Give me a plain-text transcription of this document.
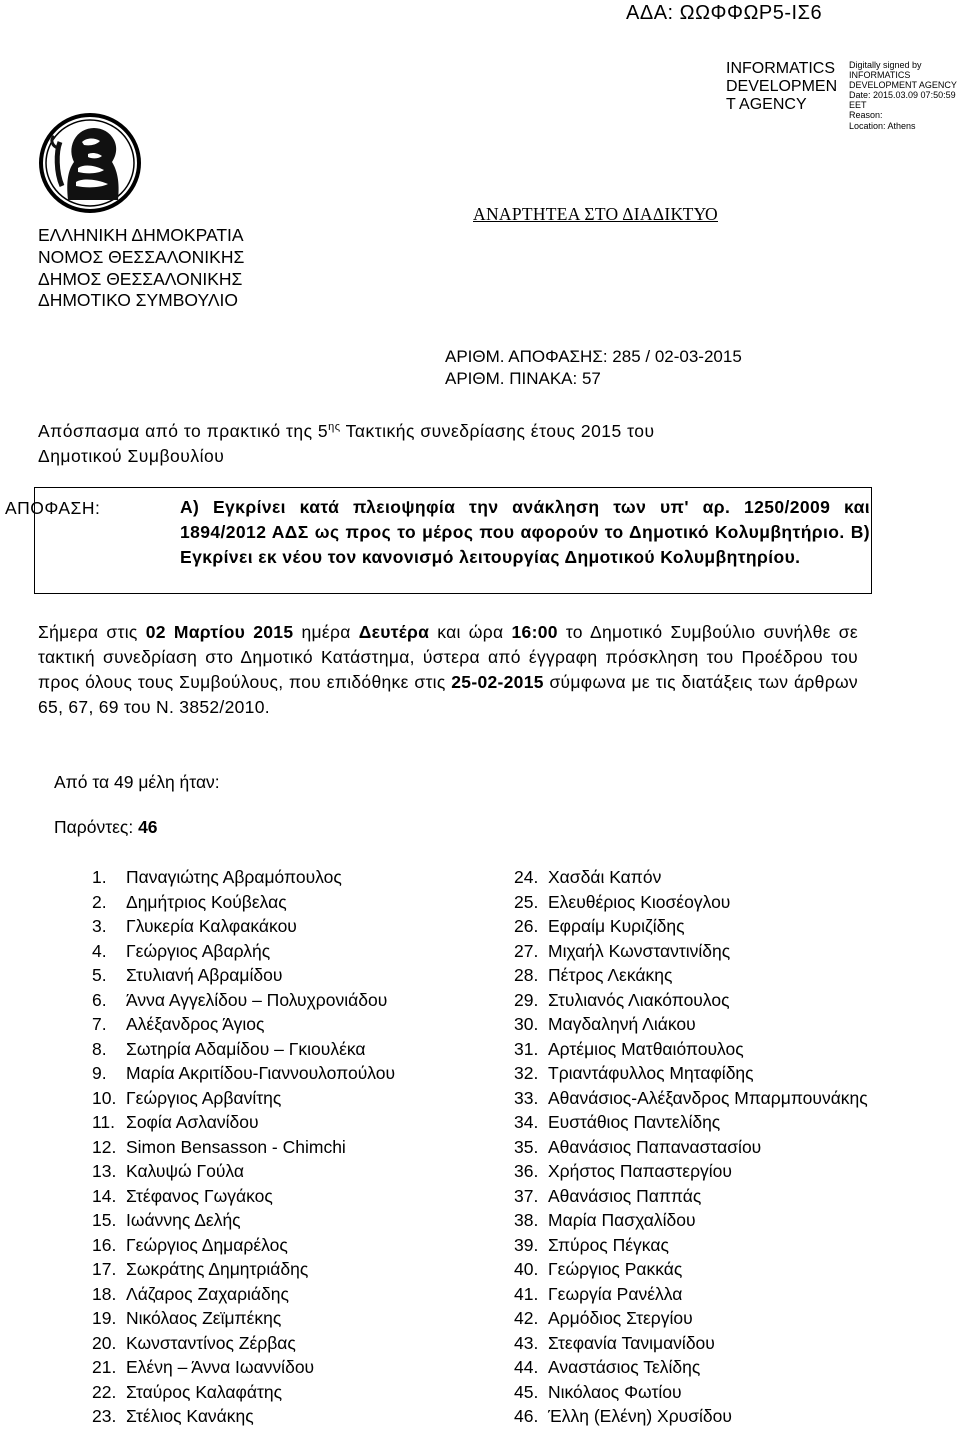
ΑΔΑ: ΩΩΦΦΩΡ5-ΙΣ6
INFORMATICS
DEVELOPMEN
T AGENCY
Digitally signed by
INFORMATICS
DEVELOPMENT AGENCY
Date: 2015.03.09 07:50:59
EET
Reason:
Location: Athens
ΕΛΛΗΝΙΚΗ ΔΗΜΟΚΡΑΤΙΑ
ΝΟΜΟΣ ΘΕΣΣΑΛΟΝΙΚΗΣ
ΔΗΜΟΣ ΘΕΣΣΑΛΟΝΙΚΗΣ
ΔΗΜΟΤΙΚΟ ΣΥΜΒΟΥΛΙΟ
ΑΝΑΡΤΗΤΕΑ ΣΤΟ ΔΙΑΔΙΚΤΥΟ
ΑΡΙΘΜ. ΑΠΟΦΑΣΗΣ: 285 / 02-03-2015
ΑΡΙΘΜ. ΠΙΝΑΚΑ: 57
Απόσπασμα από το πρακτικό της $5^{\eta\varsigma}$ Τακτικής συνεδρίασης έτους 2015 του
Δημοτικού Συμβουλίου
ΑΠΟΦΑΣΗ:	Α) Εγκρίνει κατά πλειοψηφία την ανάκληση των υπ' αρ. 1250/2009 και 1894/2012 ΑΔΣ ως προς το μέρος που αφορούν το Δημοτικό Κολυμβητήριο. Β) Εγκρίνει εκ νέου τον κανονισμό λειτουργίας Δημοτικού Κολυμβητηρίου.
Σήμερα στις 02 Μαρτίου 2015 ημέρα Δευτέρα και ώρα 16:00 το Δημοτικό Συμβούλιο συνήλθε σε τακτική συνεδρίαση στο Δημοτικό Κατάστημα, ύστερα από έγγραφη πρόσκληση του Προέδρου του προς όλους τους Συμβούλους, που επιδόθηκε στις 25-02-2015 σύμφωνα με τις διατάξεις των άρθρων 65, 67, 69 του Ν. 3852/2010.
Από τα 49 μέλη ήταν:
Παρόντες: 46
1. Παναγιώτης Αβραμόπουλος
2. Δημήτριος Κούβελας
3. Γλυκερία Καλφακάκου
4. Γεώργιος Αβαρλής
5. Στυλιανή Αβραμίδου
6. Άννα Αγγελίδου – Πολυχρονιάδου
7. Αλέξανδρος Άγιος
8. Σωτηρία Αδαμίδου – Γκιουλέκα
9. Μαρία Ακριτίδου-Γιαννουλοπούλου
10. Γεώργιος Αρβανίτης
11. Σοφία Ασλανίδου
12. Simon Bensasson - Chimchi
13. Καλυψώ Γούλα
14. Στέφανος Γωγάκος
15. Ιωάννης Δελής
16. Γεώργιος Δημαρέλος
17. Σωκράτης Δημητριάδης
18. Λάζαρος Ζαχαριάδης
19. Νικόλαος Ζεϊμπέκης
20. Κωνσταντίνος Ζέρβας
21. Ελένη – Άννα Ιωαννίδου
22. Σταύρος Καλαφάτης
23. Στέλιος Κανάκης
24. Χασδάι Καπόν
25. Ελευθέριος Κιοσέογλου
26. Εφραίμ Κυριζίδης
27. Μιχαήλ Κωνσταντινίδης
28. Πέτρος Λεκάκης
29. Στυλιανός Λιακόπουλος
30. Μαγδαληνή Λιάκου
31. Αρτέμιος Ματθαιόπουλος
32. Τριαντάφυλλος Μηταφίδης
33. Αθανάσιος-Αλέξανδρος Μπαρμπουνάκης
34. Ευστάθιος Παντελίδης
35. Αθανάσιος Παπαναστασίου
36. Χρήστος Παπαστεργίου
37. Αθανάσιος Παππάς
38. Μαρία Πασχαλίδου
39. Σπύρος Πέγκας
40. Γεώργιος Ρακκάς
41. Γεωργία Ρανέλλα
42. Αρμόδιος Στεργίου
43. Στεφανία Τανιμανίδου
44. Αναστάσιος Τελίδης
45. Νικόλαος Φωτίου
46. Έλλη (Ελένη) Χρυσίδου
